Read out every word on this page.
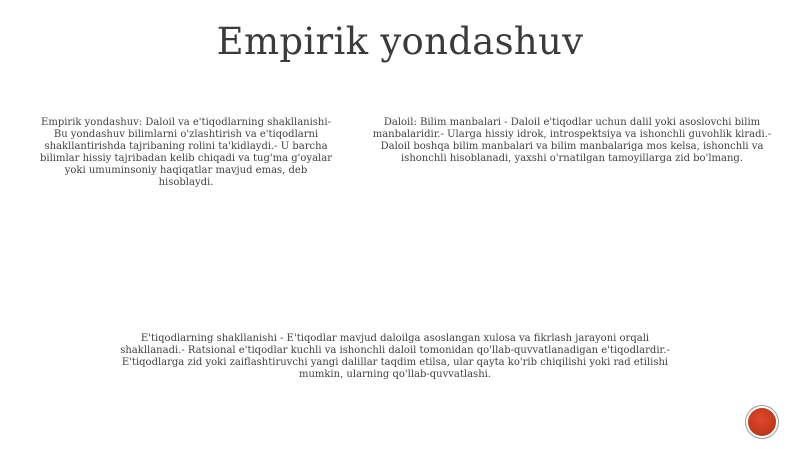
Empirik yondashuv

Empirik yondashuv: Daloil va e'tiqodlarning shakllanishi- Bu yondashuv bilimlarni o'zlashtirish va e'tiqodlarni shakllantirishda tajribaning rolini ta'kidlaydi.- U barcha bilimlar hissiy tajribadan kelib chiqadi va tug'ma g'oyalar yoki umuminsoniy haqiqatlar mavjud emas, deb hisoblaydi.

Daloil: Bilim manbalari - Daloil e'tiqodlar uchun dalil yoki asoslovchi bilim manbalaridir.- Ularga hissiy idrok, introspektsiya va ishonchli guvohlik kiradi.- Daloil boshqa bilim manbalari va bilim manbalariga mos kelsa, ishonchli va ishonchli hisoblanadi, yaxshi o'rnatilgan tamoyillarga zid bo'lmang.

E'tiqodlarning shakllanishi - E'tiqodlar mavjud daloilga asoslangan xulosa va fikrlash jarayoni orqali shakllanadi.- Ratsional e'tiqodlar kuchli va ishonchli daloil tomonidan qo'llab-quvvatlanadigan e'tiqodlardir.- E'tiqodlarga zid yoki zaiflashtiruvchi yangi dalillar taqdim etilsa, ular qayta ko'rib chiqilishi yoki rad etilishi mumkin, ularning qo'llab-quvvatlashi.
